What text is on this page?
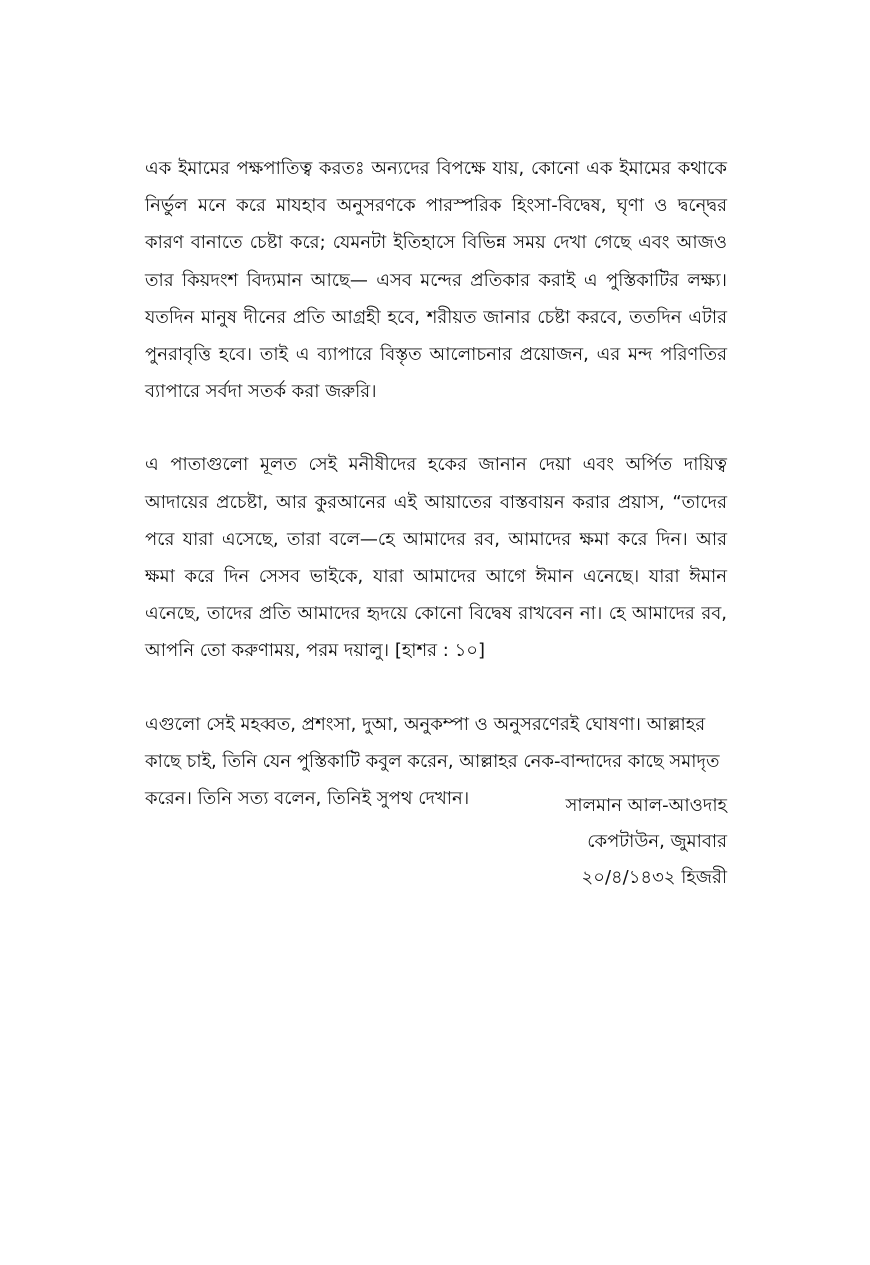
এক ইমামের পক্ষপাতিত্ব করতঃ অন্যদের বিপক্ষে যায়, কোনো এক ইমামের কথাকে নির্ভুল মনে করে মাযহাব অনুসরণকে পারস্পরিক হিংসা-বিদ্বেষ, ঘৃণা ও দ্বন্দ্বের কারণ বানাতে চেষ্টা করে; যেমনটা ইতিহাসে বিভিন্ন সময় দেখা গেছে এবং আজও তার কিয়দংশ বিদ্যমান আছে— এসব মন্দের প্রতিকার করাই এ পুস্তিকাটির লক্ষ্য। যতদিন মানুষ দীনের প্রতি আগ্রহী হবে, শরীয়ত জানার চেষ্টা করবে, ততদিন এটার পুনরাবৃত্তি হবে। তাই এ ব্যাপারে বিস্তৃত আলোচনার প্রয়োজন, এর মন্দ পরিণতির ব্যাপারে সর্বদা সতর্ক করা জরুরি।

এ পাতাগুলো মূলত সেই মনীষীদের হকের জানান দেয়া এবং অর্পিত দায়িত্ব আদায়ের প্রচেষ্টা, আর কুরআনের এই আয়াতের বাস্তবায়ন করার প্রয়াস, “তাদের পরে যারা এসেছে, তারা বলে—হে আমাদের রব, আমাদের ক্ষমা করে দিন। আর ক্ষমা করে দিন সেসব ভাইকে, যারা আমাদের আগে ঈমান এনেছে। যারা ঈমান এনেছে, তাদের প্রতি আমাদের হৃদয়ে কোনো বিদ্বেষ রাখবেন না। হে আমাদের রব, আপনি তো করুণাময়, পরম দয়ালু। [হাশর : ১০]

এগুলো সেই মহব্বত, প্রশংসা, দুআ, অনুকম্পা ও অনুসরণেরই ঘোষণা। আল্লাহর কাছে চাই, তিনি যেন পুস্তিকাটি কবুল করেন, আল্লাহর নেক-বান্দাদের কাছে সমাদৃত করেন। তিনি সত্য বলেন, তিনিই সুপথ দেখান।	সালমান আল-আওদাহ
কেপটাউন, জুমাবার
২০/৪/১৪৩২ হিজরী
